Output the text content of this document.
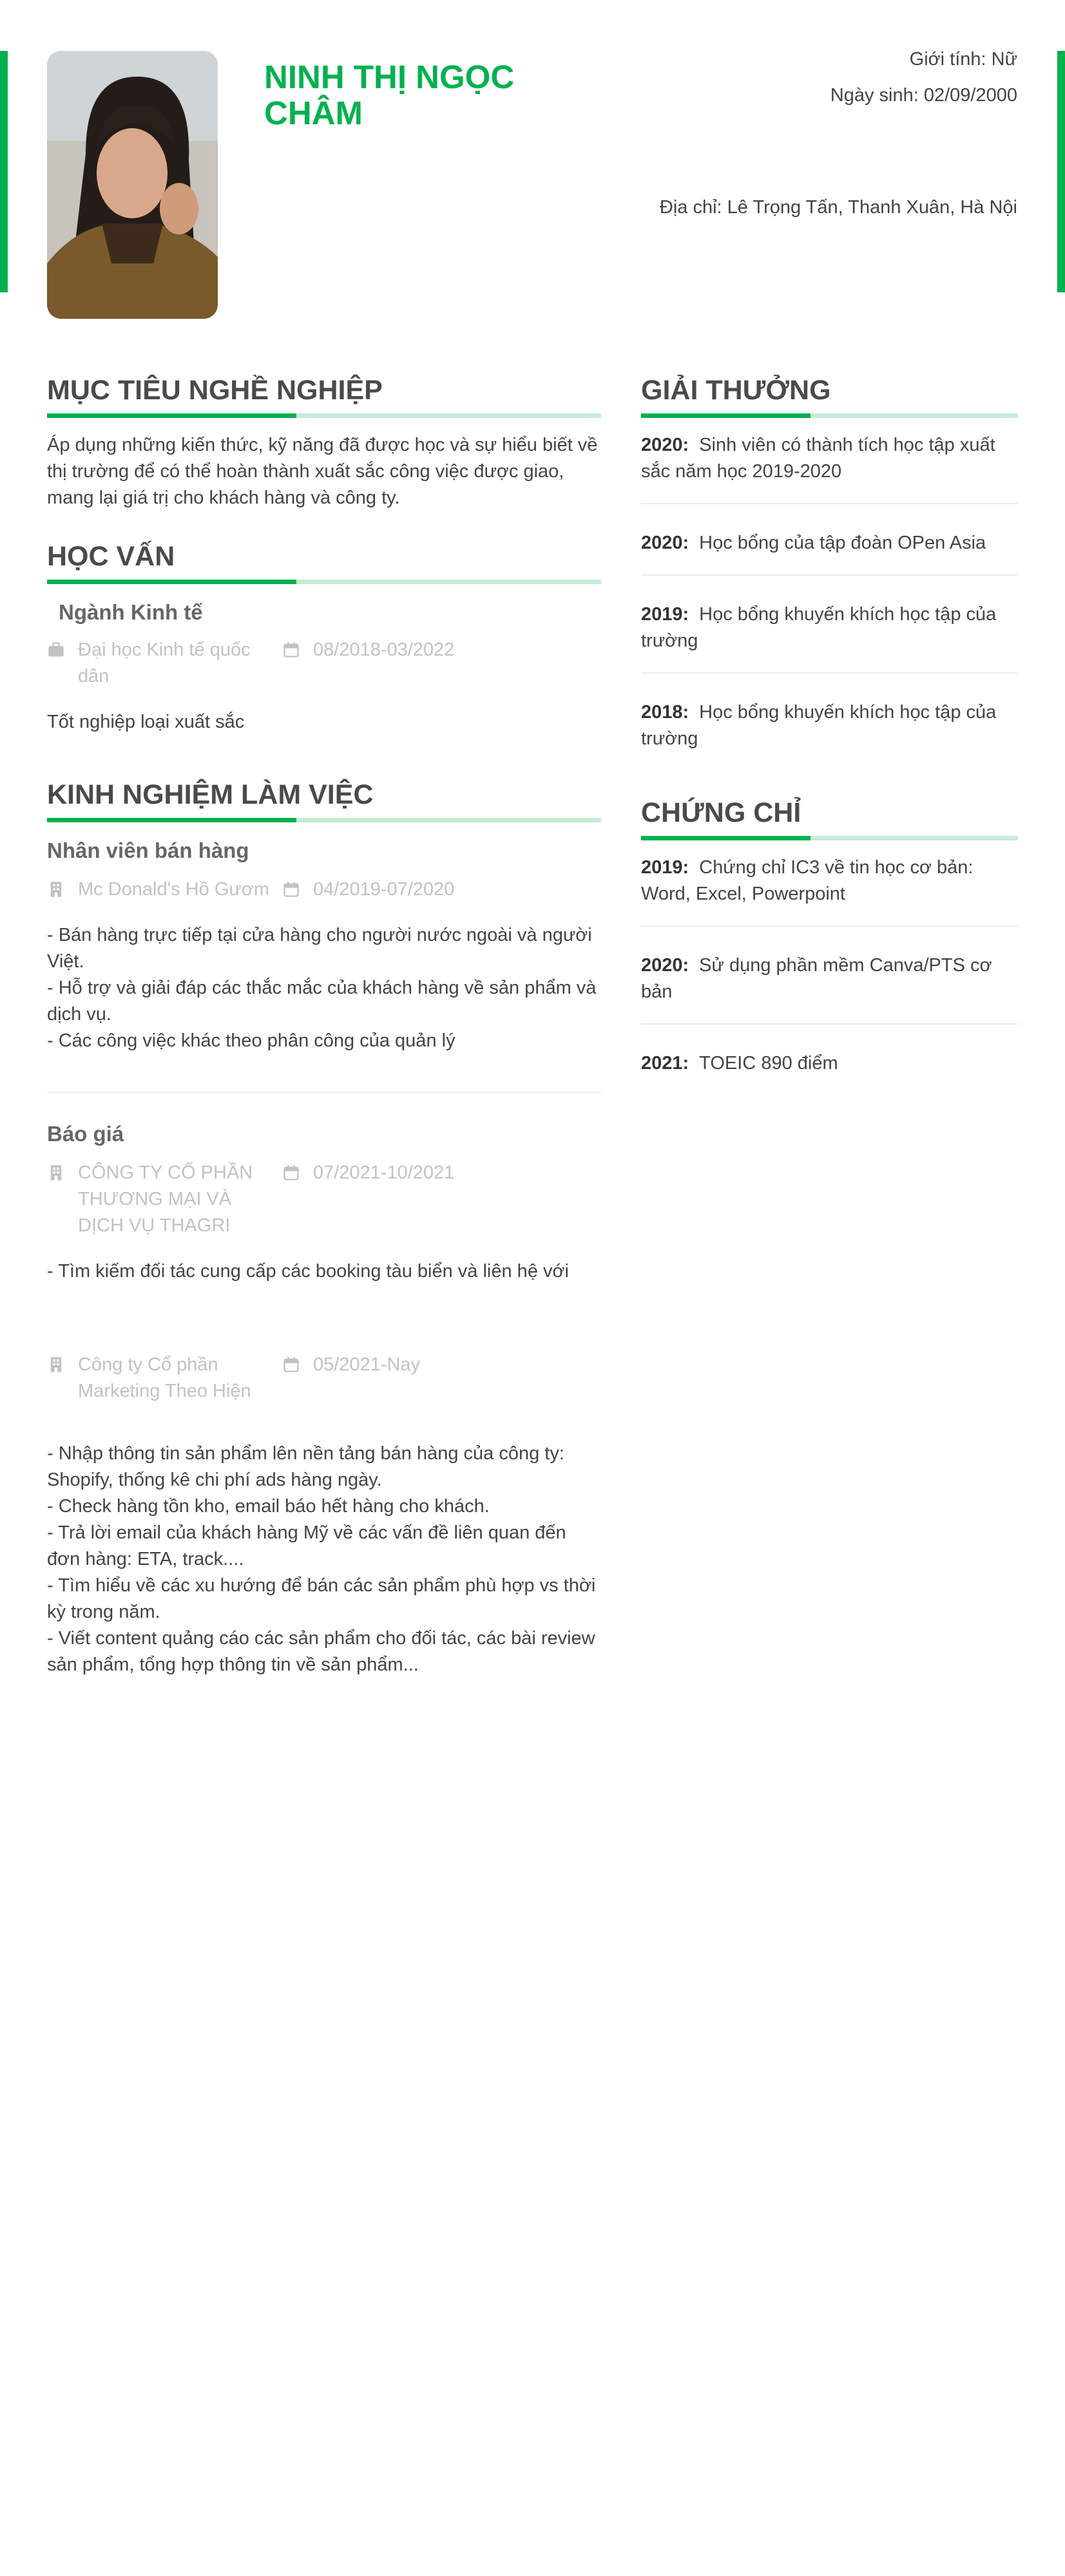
NINH THỊ NGỌC CHÂM
Giới tính: Nữ
Ngày sinh: 02/09/2000
Địa chỉ: Lê Trọng Tấn, Thanh Xuân, Hà Nội
MỤC TIÊU NGHỀ NGHIỆP

Áp dụng những kiến thức, kỹ năng đã được học và sự hiểu biết về thị trường để có thể hoàn thành xuất sắc công việc được giao, mang lại giá trị cho khách hàng và công ty.

HỌC VẤN
Ngành Kinh tế
Đại học Kinh tế quốc dân
08/2018-03/2022

Tốt nghiệp loại xuất sắc

KINH NGHIỆM LÀM VIỆC
Nhân viên bán hàng
Mc Donald's Hồ Gươm 04/2019-07/2020

- Bán hàng trực tiếp tại cửa hàng cho người nước ngoài và người Việt.
- Hỗ trợ và giải đáp các thắc mắc của khách hàng về sản phẩm và dịch vụ.
- Các công việc khác theo phân công của quản lý

Báo giá
CÔNG TY CỔ PHẦN THƯƠNG MẠI VÀ DỊCH VỤ THAGRI
07/2021-10/2021

- Tìm kiếm đối tác cung cấp các booking tàu biển và liên hệ với

Công ty Cổ phần Marketing Theo Hiện
05/2021-Nay

- Nhập thông tin sản phẩm lên nền tảng bán hàng của công ty: Shopify, thống kê chi phí ads hàng ngày.
- Check hàng tồn kho, email báo hết hàng cho khách.
- Trả lời email của khách hàng Mỹ về các vấn đề liên quan đến đơn hàng: ETA, track....
- Tìm hiểu về các xu hướng để bán các sản phẩm phù hợp vs thời kỳ trong năm.
- Viết content quảng cáo các sản phẩm cho đối tác, các bài review sản phẩm, tổng hợp thông tin về sản phẩm...

GIẢI THƯỞNG
2020: Sinh viên có thành tích học tập xuất sắc năm học 2019-2020
2020: Học bổng của tập đoàn OPen Asia
2019: Học bổng khuyến khích học tập của trường
2018: Học bổng khuyến khích học tập của trường
CHỨNG CHỈ
2019: Chứng chỉ IC3 về tin học cơ bản: Word, Excel, Powerpoint
2020: Sử dụng phần mềm Canva/PTS cơ bản
2021: TOEIC 890 điểm
